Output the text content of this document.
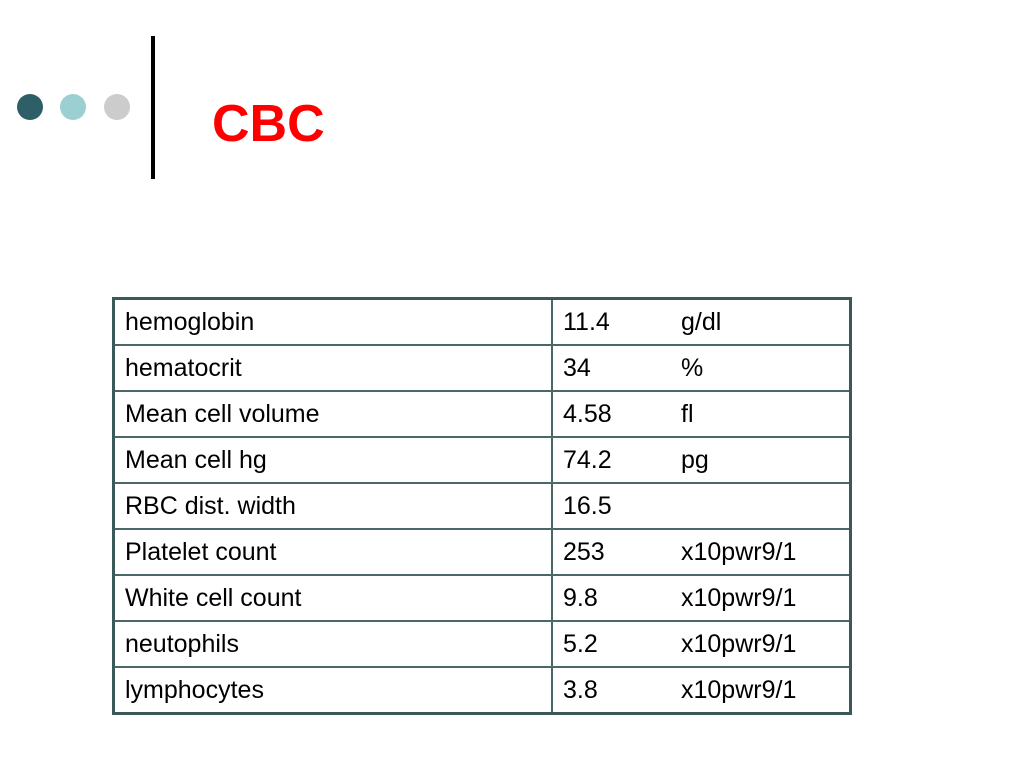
CBC
hemoglobin	11.4 g/dl
hematocrit	34 %
Mean cell volume	4.58 fl
Mean cell hg	74.2 pg
RBC dist. width	16.5
Platelet count	253 x10pwr9/1
White cell count	9.8 x10pwr9/1
neutophils	5.2 x10pwr9/1
lymphocytes	3.8 x10pwr9/1
